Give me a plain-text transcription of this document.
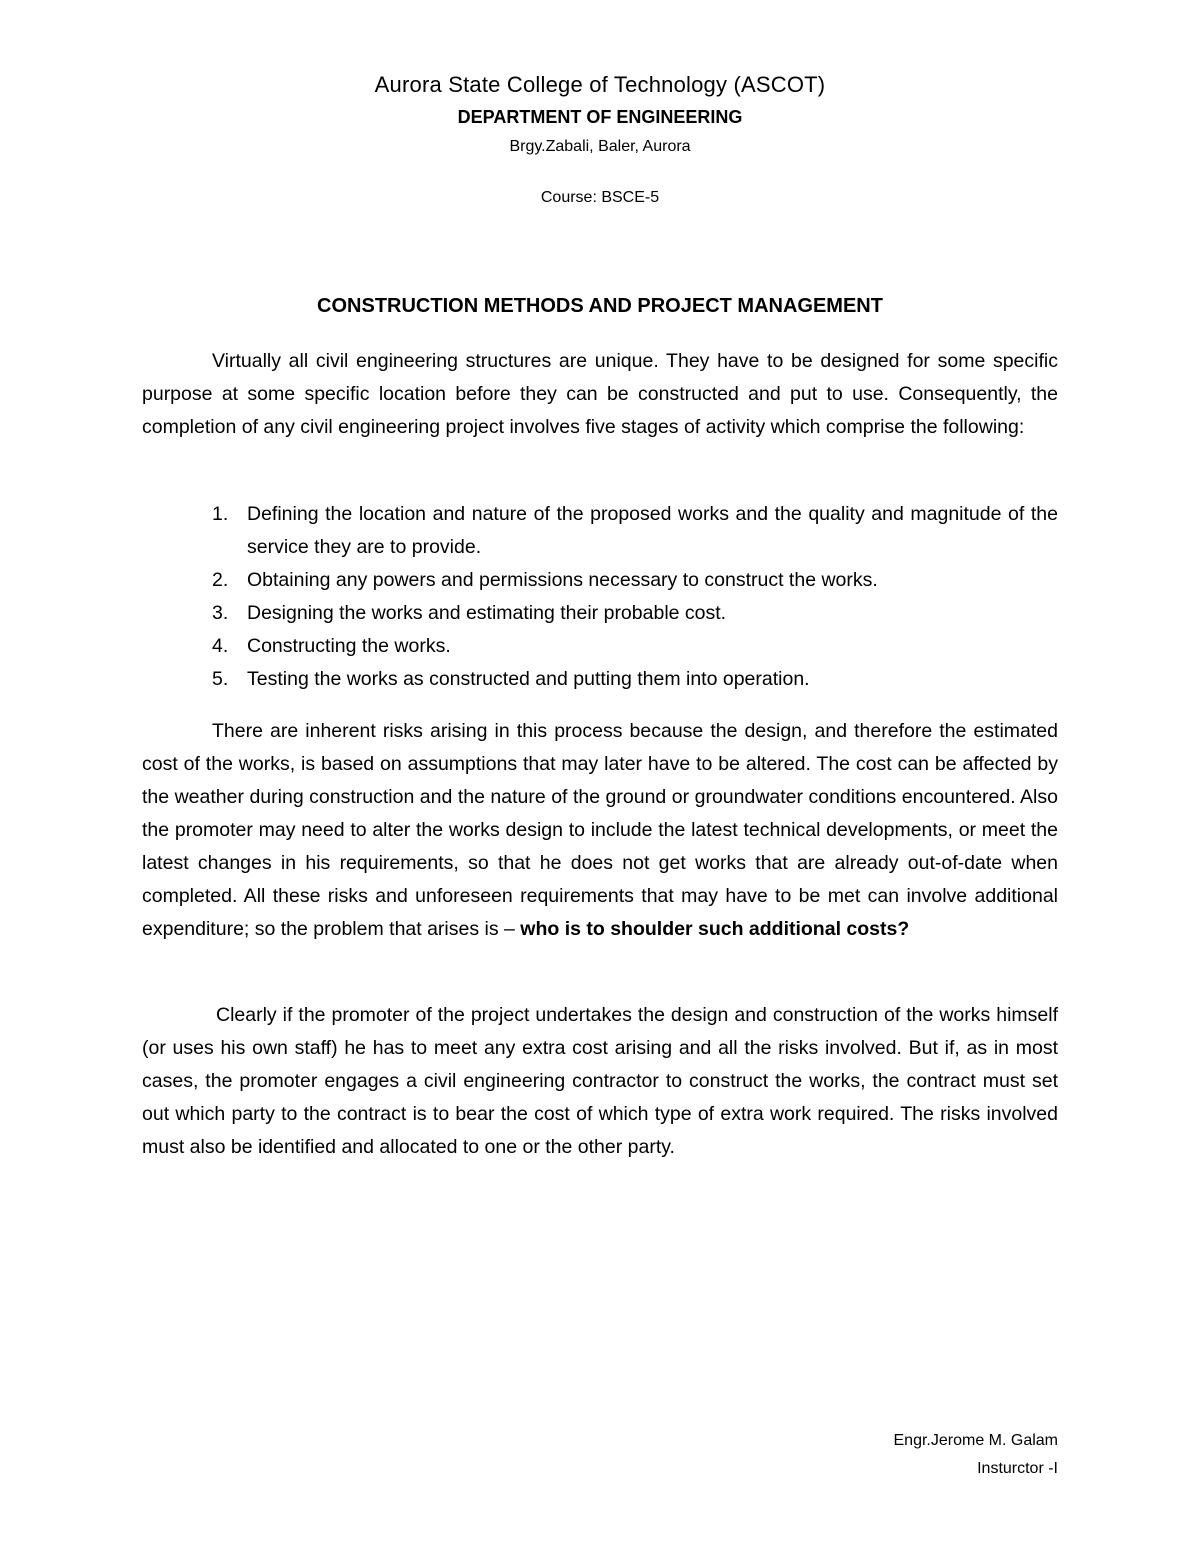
Aurora State College of Technology (ASCOT)
DEPARTMENT OF ENGINEERING
Brgy.Zabali, Baler, Aurora
Course: BSCE-5
CONSTRUCTION METHODS AND PROJECT MANAGEMENT

Virtually all civil engineering structures are unique. They have to be designed for some specific purpose at some specific location before they can be constructed and put to use. Consequently, the completion of any civil engineering project involves five stages of activity which comprise the following:

1. Defining the location and nature of the proposed works and the quality and magnitude of the service they are to provide.
2. Obtaining any powers and permissions necessary to construct the works.
3. Designing the works and estimating their probable cost.
4. Constructing the works.
5. Testing the works as constructed and putting them into operation.

There are inherent risks arising in this process because the design, and therefore the estimated cost of the works, is based on assumptions that may later have to be altered. The cost can be affected by the weather during construction and the nature of the ground or groundwater conditions encountered. Also the promoter may need to alter the works design to include the latest technical developments, or meet the latest changes in his requirements, so that he does not get works that are already out-of-date when completed. All these risks and unforeseen requirements that may have to be met can involve additional expenditure; so the problem that arises is – who is to shoulder such additional costs?

Clearly if the promoter of the project undertakes the design and construction of the works himself (or uses his own staff) he has to meet any extra cost arising and all the risks involved. But if, as in most cases, the promoter engages a civil engineering contractor to construct the works, the contract must set out which party to the contract is to bear the cost of which type of extra work required. The risks involved must also be identified and allocated to one or the other party.

Engr.Jerome M. Galam
Insturctor -I
